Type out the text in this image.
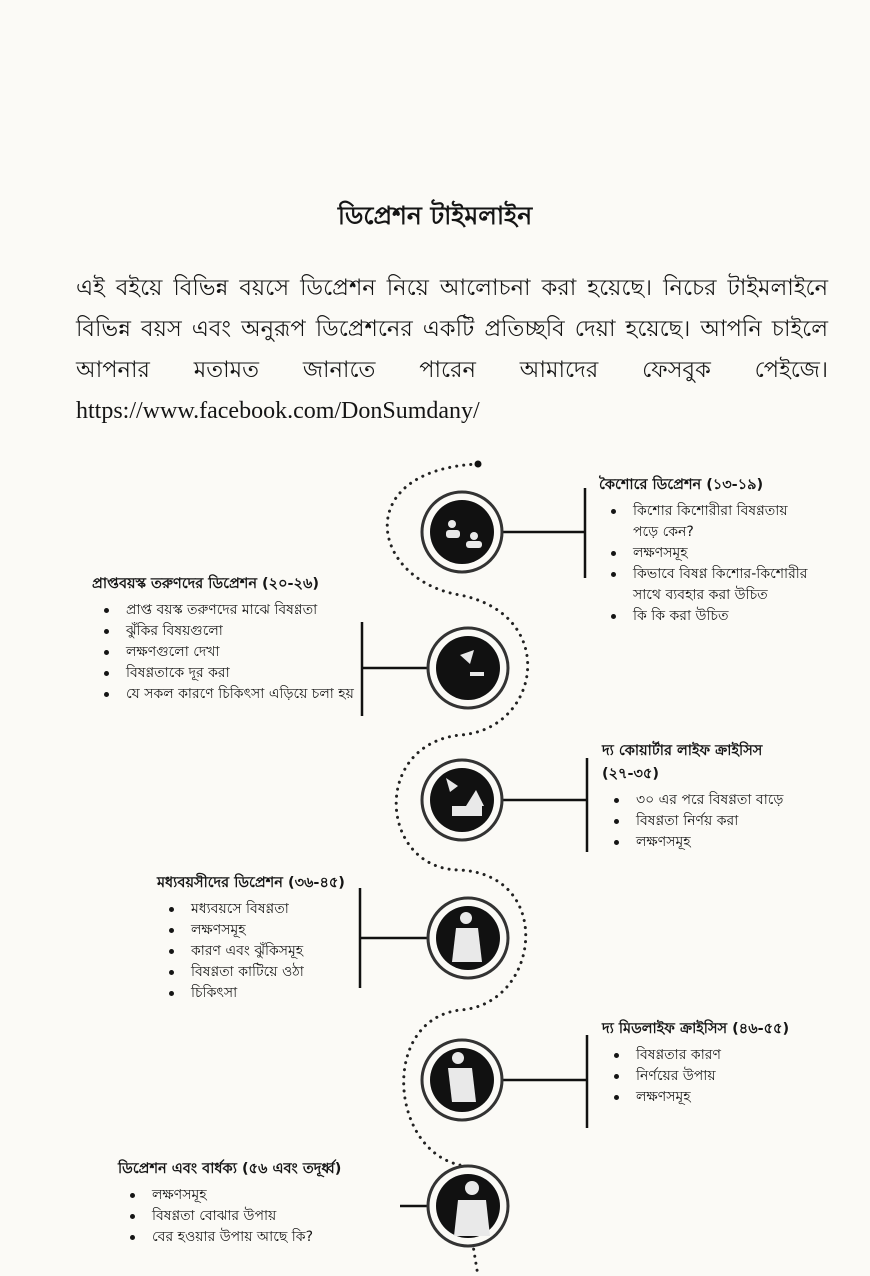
ডিপ্রেশন টাইমলাইন
এই বইয়ে বিভিন্ন বয়সে ডিপ্রেশন নিয়ে আলোচনা করা হয়েছে। নিচের টাইমলাইনে বিভিন্ন বয়স এবং অনুরূপ ডিপ্রেশনের একটি প্রতিচ্ছবি দেয়া হয়েছে। আপনি চাইলে আপনার মতামত জানাতে পারেন আমাদের ফেসবুক পেইজে। https://www.facebook.com/DonSumdany/
কৈশোরে ডিপ্রেশন (১৩-১৯)
কিশোর কিশোরীরা বিষণ্ণতায় পড়ে কেন?
লক্ষণসমূহ
কিভাবে বিষণ্ণ কিশোর-কিশোরীর সাথে ব্যবহার করা উচিত
কি কি করা উচিত
প্রাপ্তবয়স্ক তরুণদের ডিপ্রেশন (২০-২৬)
প্রাপ্ত বয়স্ক তরুণদের মাঝে বিষণ্ণতা
ঝুঁকির বিষয়গুলো
লক্ষণগুলো দেখা
বিষণ্ণতাকে দূর করা
যে সকল কারণে চিকিৎসা এড়িয়ে চলা হয়
দ্য কোয়ার্টার লাইফ ক্রাইসিস (২৭-৩৫)
৩০ এর পরে বিষণ্ণতা বাড়ে
বিষণ্ণতা নির্ণয় করা
লক্ষণসমূহ
মধ্যবয়সীদের ডিপ্রেশন (৩৬-৪৫)
মধ্যবয়সে বিষণ্ণতা
লক্ষণসমূহ
কারণ এবং ঝুঁকিসমূহ
বিষণ্ণতা কাটিয়ে ওঠা
চিকিৎসা
দ্য মিডলাইফ ক্রাইসিস (৪৬-৫৫)
বিষণ্ণতার কারণ
নির্ণয়ের উপায়
লক্ষণসমূহ
ডিপ্রেশন এবং বার্ধক্য (৫৬ এবং তদূর্ধ্ব)
লক্ষণসমূহ
বিষণ্ণতা বোঝার উপায়
বের হওয়ার উপায় আছে কি?
